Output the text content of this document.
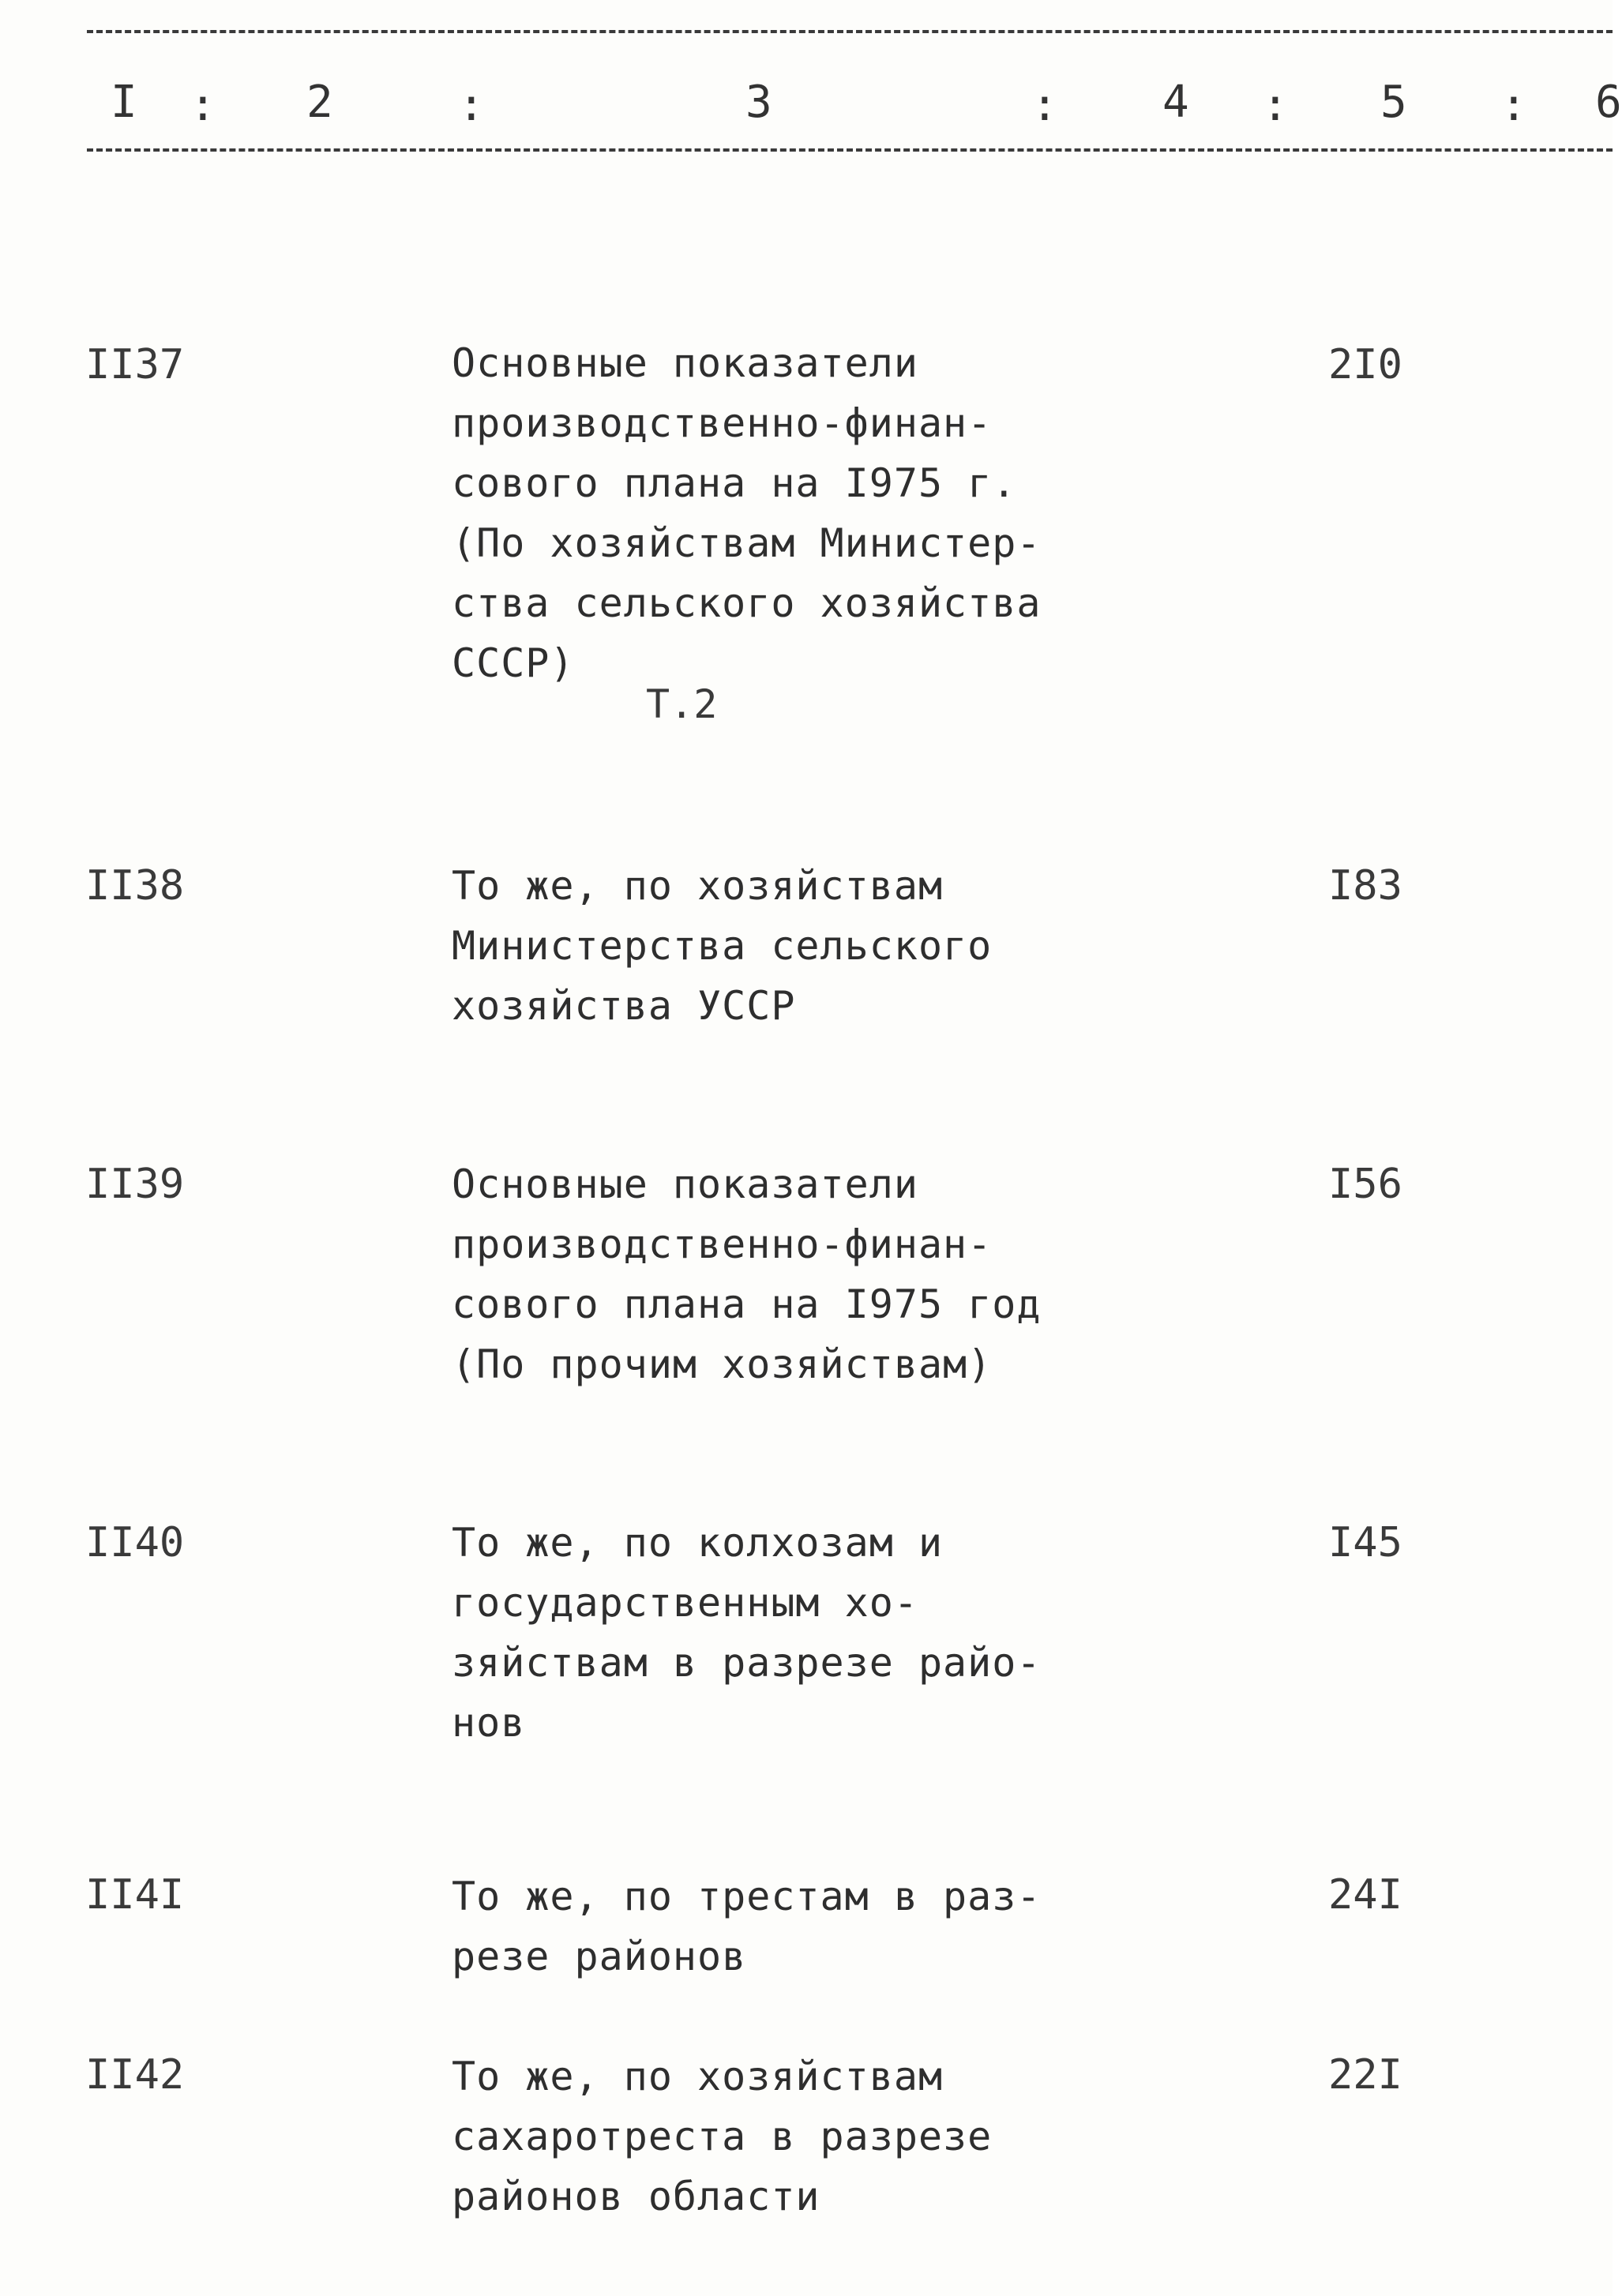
I : 2	:	3	: 4 : 5 : 6
II37	Основные показатели
производственно-финан-
сового плана на I975 г.
(По хозяйствам Министер-
ства сельского хозяйства
СССР)
Т.2
2I0
II38	То же, по хозяйствам
Министерства сельского
хозяйства УССР
I83
II39	Основные показатели
производственно-финан-
сового плана на I975 год
(По прочим хозяйствам)
I56
II40	То же, по колхозам и
государственным хо-
зяйствам в разрезе райо-
нов
I45
II4I	То же, по трестам в раз-
резе районов
24I
II42	То же, по хозяйствам
сахаротреста в разрезе
районов области
22I
